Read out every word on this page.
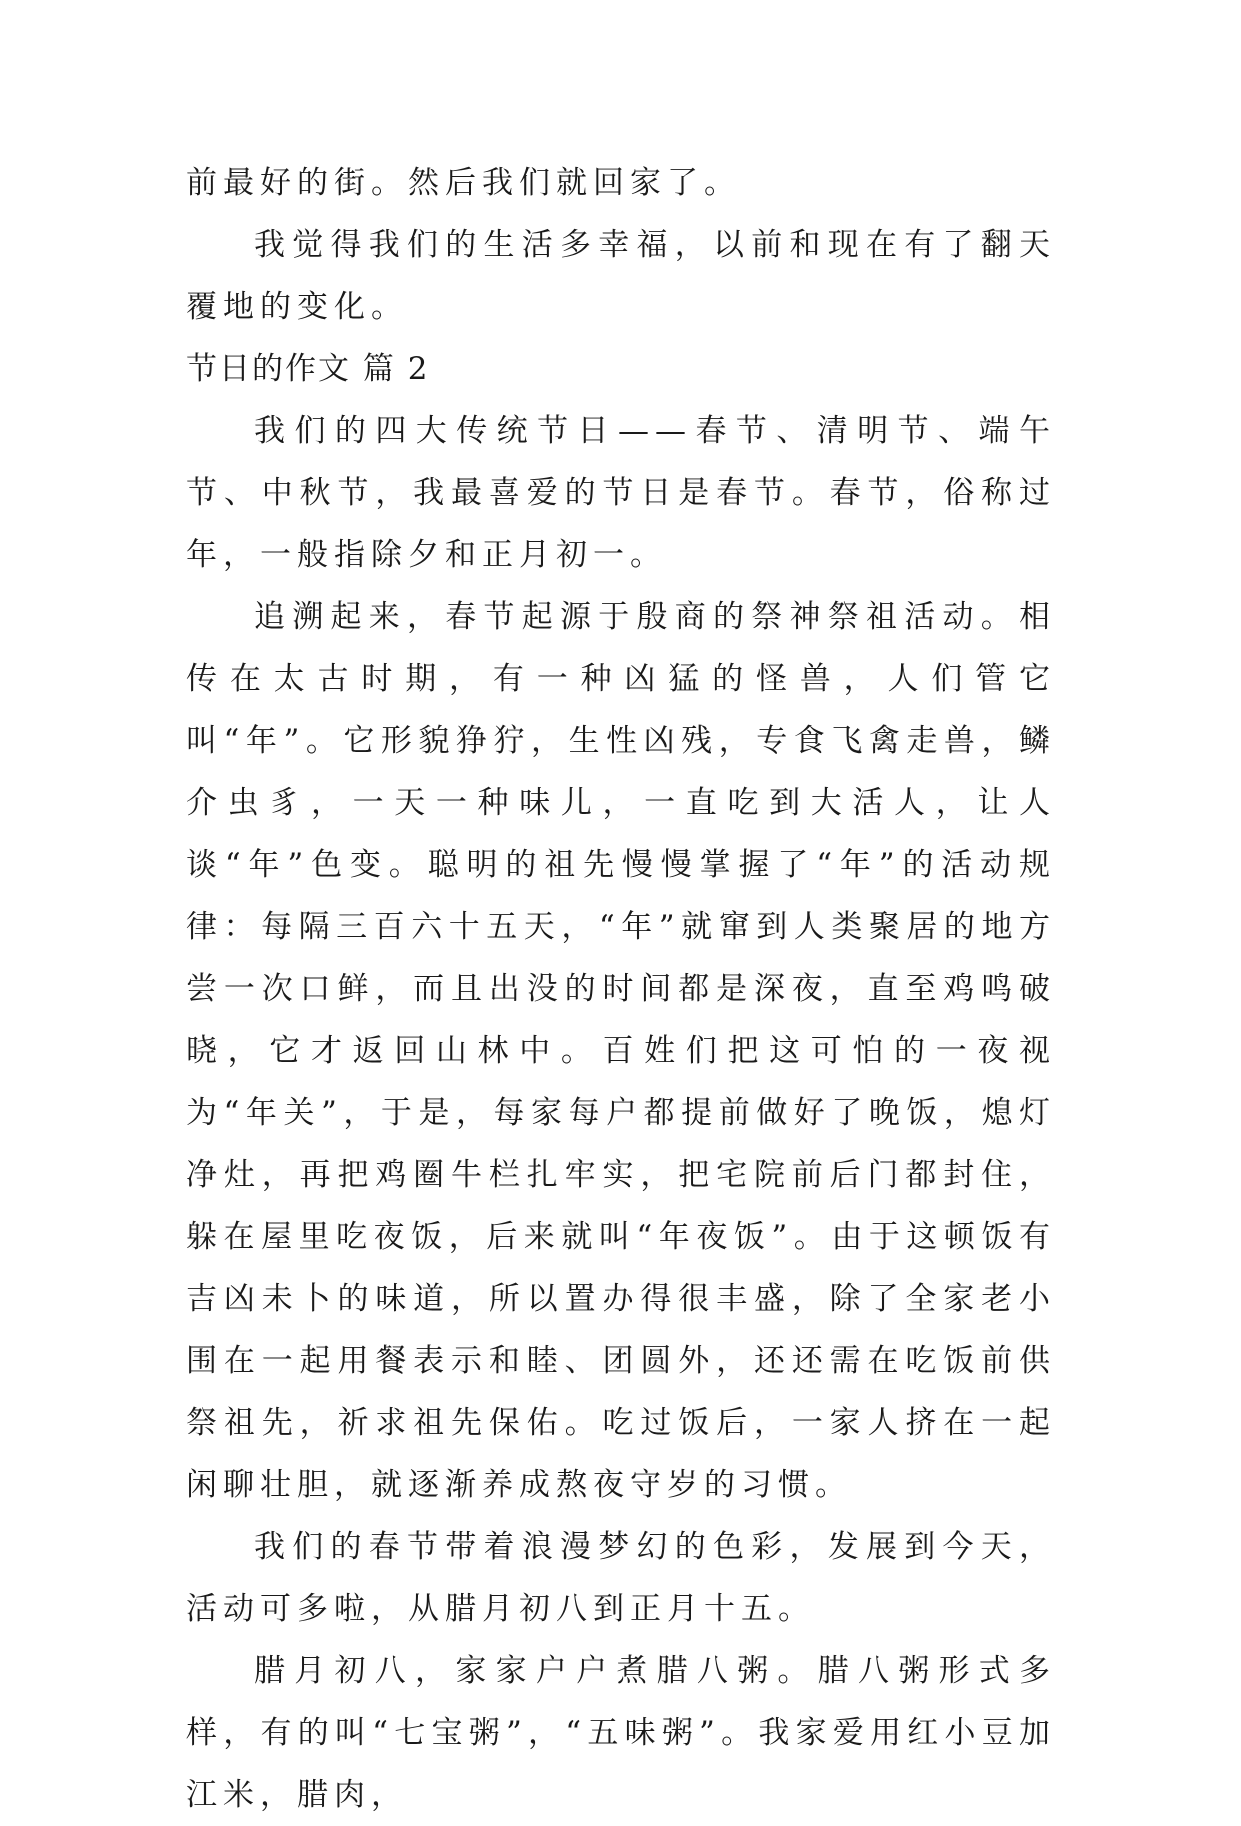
前最好的街。然后我们就回家了。

我觉得我们的生活多幸福，以前和现在有了翻天覆地的变化。

节日的作文 篇 2

我们的四大传统节日——春节、清明节、端午节、中秋节，我最喜爱的节日是春节。春节，俗称过年，一般指除夕和正月初一。

追溯起来，春节起源于殷商的祭神祭祖活动。相传在太古时期，有一种凶猛的怪兽，人们管它叫“年”。它形貌狰狞，生性凶残，专食飞禽走兽，鳞介虫豸，一天一种味儿，一直吃到大活人，让人谈“年”色变。聪明的祖先慢慢掌握了“年”的活动规律：每隔三百六十五天，“年”就窜到人类聚居的地方尝一次口鲜，而且出没的时间都是深夜，直至鸡鸣破晓，它才返回山林中。百姓们把这可怕的一夜视为“年关”，于是，每家每户都提前做好了晚饭，熄灯净灶，再把鸡圈牛栏扎牢实，把宅院前后门都封住，躲在屋里吃夜饭，后来就叫“年夜饭”。由于这顿饭有吉凶未卜的味道，所以置办得很丰盛，除了全家老小围在一起用餐表示和睦、团圆外，还还需在吃饭前供祭祖先，祈求祖先保佑。吃过饭后，一家人挤在一起闲聊壮胆，就逐渐养成熬夜守岁的习惯。

我们的春节带着浪漫梦幻的色彩，发展到今天，活动可多啦，从腊月初八到正月十五。

腊月初八，家家户户煮腊八粥。腊八粥形式多样，有的叫“七宝粥”，“五味粥”。我家爱用红小豆加江米，腊肉，
